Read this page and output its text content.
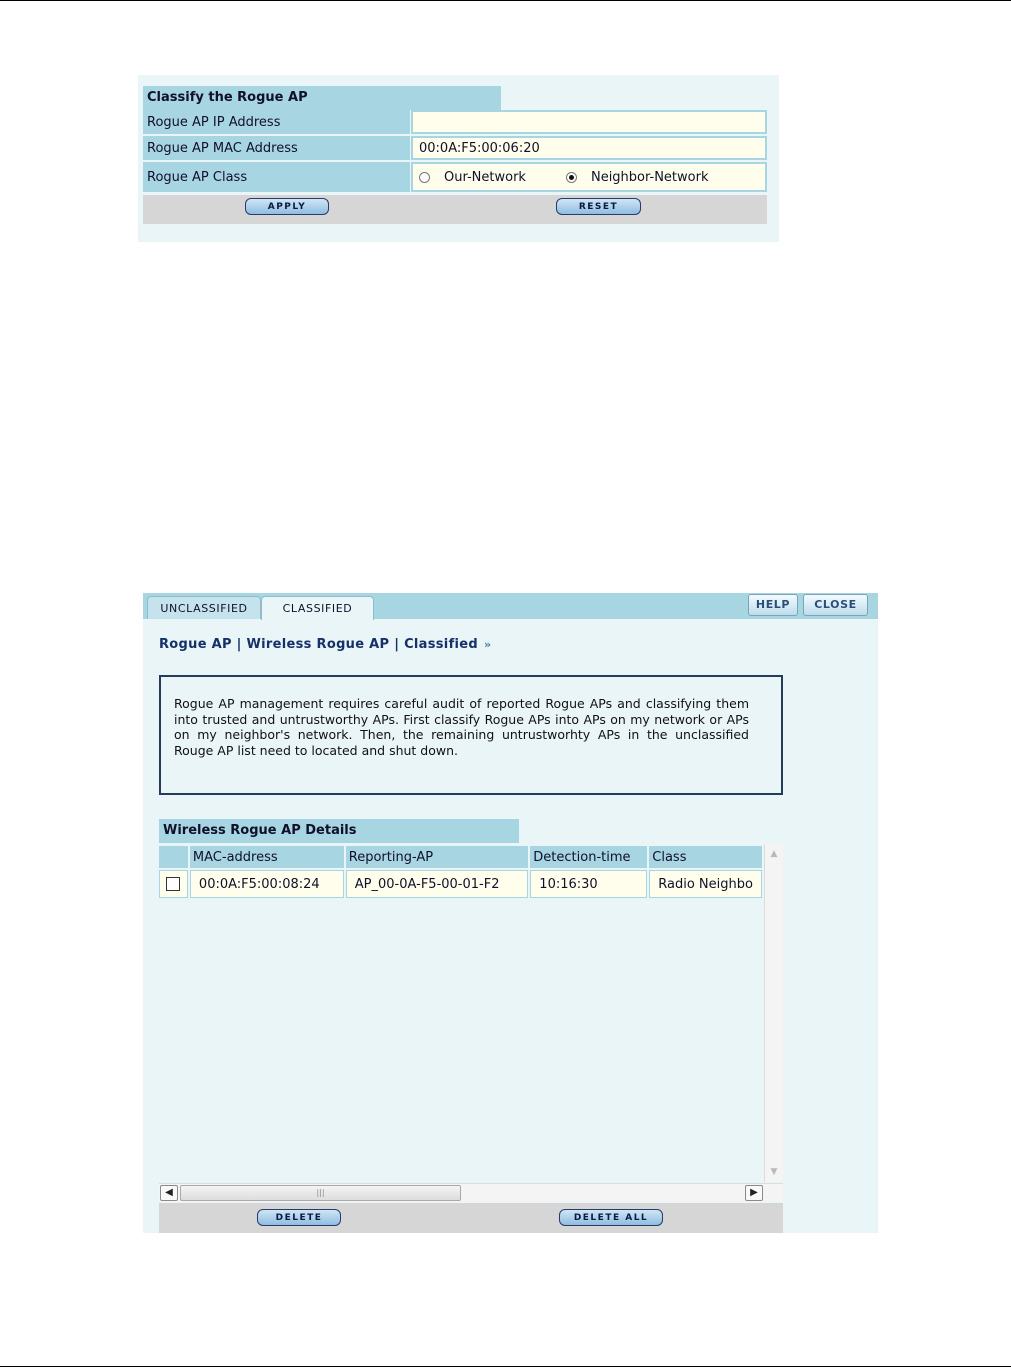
Classify the Rogue AP
Rogue AP IP Address
Rogue AP MAC Address	00:0A:F5:00:06:20
Rogue AP Class	Our-Network	Neighbor-Network
APPLY	RESET
UNCLASSIFIED	CLASSIFIED	HELP	CLOSE
Rogue AP | Wireless Rogue AP | Classified »
Rogue AP management requires careful audit of reported Rogue APs and classifying them into trusted and untrustworthy APs. First classify Rogue APs into APs on my network or APs on my neighbor's network. Then, the remaining untrustworhty APs in the unclassified Rouge AP list need to located and shut down.
Wireless Rogue AP Details
	MAC-address	Reporting-AP	Detection-time	Class
	00:0A:F5:00:08:24	AP_00-0A-F5-00-01-F2	10:16:30	Radio Neighbo
▲
▼
◀	|||	▶
DELETE	DELETE ALL
